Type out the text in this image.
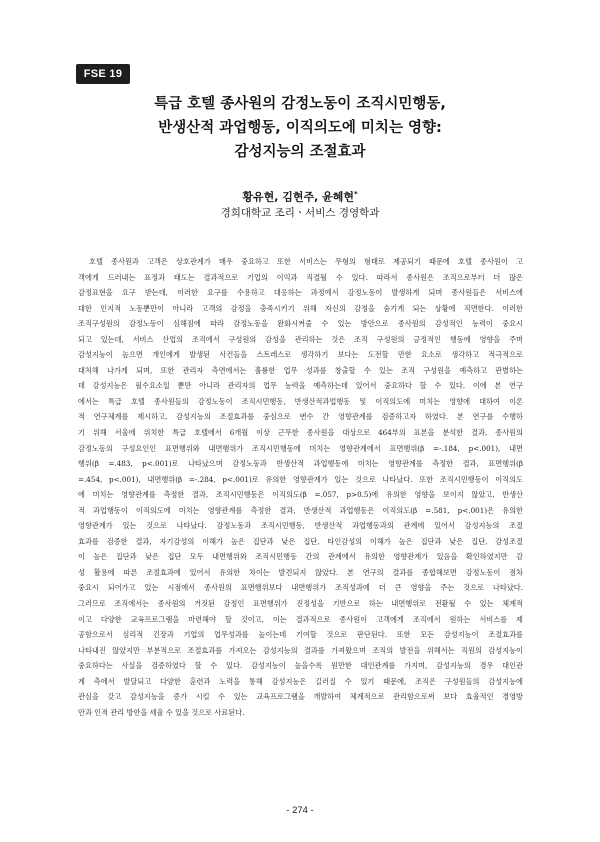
FSE 19
특급 호텔 종사원의 감정노동이 조직시민행동,
반생산적 과업행동, 이직의도에 미치는 영향:
감성지능의 조절효과
황유현, 김현주, 윤혜현*
경희대학교 조리ㆍ서비스 경영학과
호텔 종사원과 고객은 상호관계가 매우 중요하고 또한 서비스는 무형의 형태로 제공되기 때문에 호텔 종사원이 고
객에게 드러내는 표정과 태도는 결과적으로 기업의 이익과 직결될 수 있다. 따라서 종사원은 조직으로부터 더 많은
감정표현을 요구 받는데, 이러한 요구를 수용하고 대응하는 과정에서 감정노동이 발생하게 되며 종사원들은 서비스에
대한 인지적 노동뿐만이 아니라 고객의 감정을 충족시키기 위해 자신의 감정을 숨기게 되는 상황에 직면한다. 이러한
조직구성원의 감정노동이 심해짐에 따라 감정노동을 완화시켜줄 수 있는 방안으로 종사원의 감성적인 능력이 중요시
되고 있는데, 서비스 산업의 조직에서 구성원의 감성을 관리하는 것은 조직 구성원의 긍정적인 행동에 영향을 주며
감성지능이 높으면 개인에게 발생된 사건들을 스트레스로 생각하기 보다는 도전할 만한 요소로 생각하고 적극적으로
대처해 나가게 되며, 또한 관리자 측면에서는 훌륭한 업무 성과를 창출할 수 있는 조직 구성원을 예측하고 판별하는
데 감성지능은 필수요소일 뿐만 아니라 관리자의 업무 능력을 예측하는데 있어서 중요하다 할 수 있다. 이에 본 연구
에서는 특급 호텔 종사원들의 감정노동이 조직시민행동, 반생산적과업행동 및 이직의도에 미치는 영향에 대하여 이론
적 연구체계를 제시하고, 감성지능의 조절효과를 중심으로 변수 간 영향관계를 검증하고자 하였다. 본 연구를 수행하
기 위해 서울에 위치한 특급 호텔에서 6개월 이상 근무한 종사원을 대상으로 464부의 표본을 분석한 결과, 종사원의
감정노동의 구성요인인 표면행위와 내면행위가 조직시민행동에 미치는 영향관계에서 표면행위(β =-.184, p<.001), 내면
행위(β =.483, p<.001)로 나타났으며 감정노동과 반생산적 과업행동에 미치는 영향관계를 측정한 결과, 표면행위(β
=.454, p<.001), 내면행위(β =-.284, p<.001)로 유의한 영향관계가 있는 것으로 나타났다. 또한 조직시민행동이 이직의도
에 미치는 영향관계를 측정한 결과, 조직시민행동은 이직의도(β =.057, p>0.5)에 유의한 영향을 보이지 않았고, 반생산
적 과업행동이 이직의도에 미치는 영향관계를 측정한 결과, 반생산적 과업행동은 이직의도(β =.581, p<.001)은 유의한
영향관계가 있는 것으로 나타났다. 감정노동과 조직시민행동, 반생산적 과업행동과의 관계에 있어서 감성지능의 조절
효과를 검증한 결과, 자기감성의 이해가 높은 집단과 낮은 집단, 타인감성의 이해가 높은 집단과 낮은 집단, 감성조절
이 높은 집단과 낮은 집단 모두 내면행위와 조직시민행동 간의 관계에서 유의한 영향관계가 있음을 확인하였지만 감
성 활용에 따른 조절효과에 있어서 유의한 차이는 발견되지 않았다. 본 연구의 결과를 종합해보면 감정노동이 점차
중요시 되어가고 있는 시점에서 종사원의 표면행위보다 내면행위가 조직성과에 더 큰 영향을 주는 것으로 나타났다.
그러므로 조직에서는 종사원의 거짓된 감정인 표면행위가 진정성을 기반으로 하는 내면행위로 전환될 수 있는 체계적
이고 다양한 교육프로그램을 마련해야 할 것이고, 이는 결과적으로 종사원이 고객에게 조직에서 원하는 서비스를 제
공함으로서 심리적 긴장과 기업의 업무성과를 높이는데 기여할 것으로 판단된다. 또한 모든 감성지능이 조절효과를
나타내진 않았지만 부분적으로 조절효과를 가져오는 감성지능의 결과를 가져왔으며 조직의 발전을 위해서는 직원의 감성지능이
중요하다는 사실을 검증하였다 할 수 있다. 감성지능이 높을수록 원만한 대인관계를 가지며, 감성지능의 경우 대인관
계 측에서 발달되고 다양한 훈련과 노력을 통해 감성지능은 길러질 수 있기 때문에, 조직은 구성원들의 감성지능에
관심을 갖고 감성지능을 증가 시킬 수 있는 교육프로그램을 개발하여 체계적으로 관리함으로써 보다 효율적인 경영방
안과 인적 관리 방안을 세울 수 있을 것으로 사료된다.
- 274 -
